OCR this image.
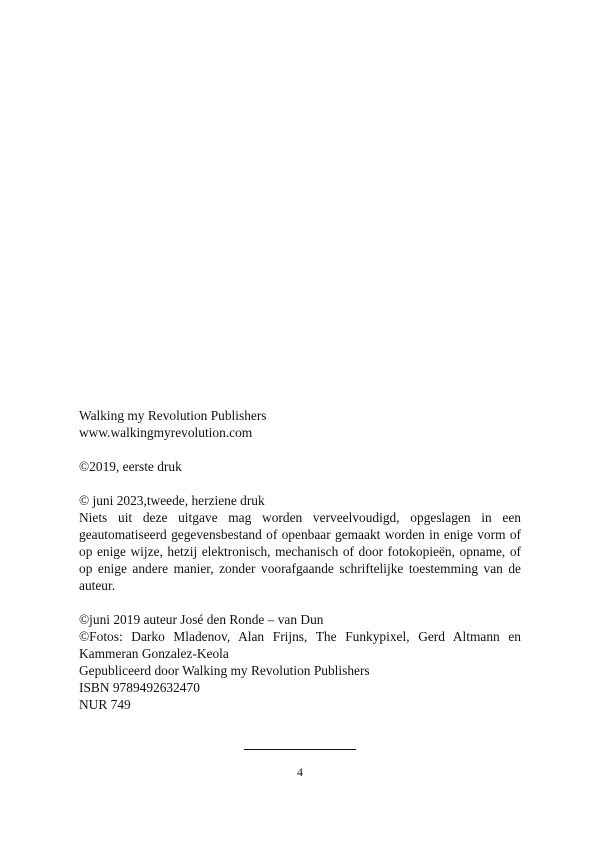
Walking my Revolution Publishers
www.walkingmyrevolution.com
©2019, eerste druk
© juni 2023,tweede, herziene druk
Niets uit deze uitgave mag worden verveelvoudigd, opgeslagen in een
geautomatiseerd gegevensbestand of openbaar gemaakt worden in enige vorm of
op enige wijze, hetzij elektronisch, mechanisch of door fotokopieën, opname, of
op enige andere manier, zonder voorafgaande schriftelijke toestemming van de
auteur.
©juni 2019 auteur José den Ronde – van Dun
©Fotos: Darko Mladenov, Alan Frijns, The Funkypixel, Gerd Altmann en
Kammeran Gonzalez-Keola
Gepubliceerd door Walking my Revolution Publishers
ISBN 9789492632470
NUR 749
4
